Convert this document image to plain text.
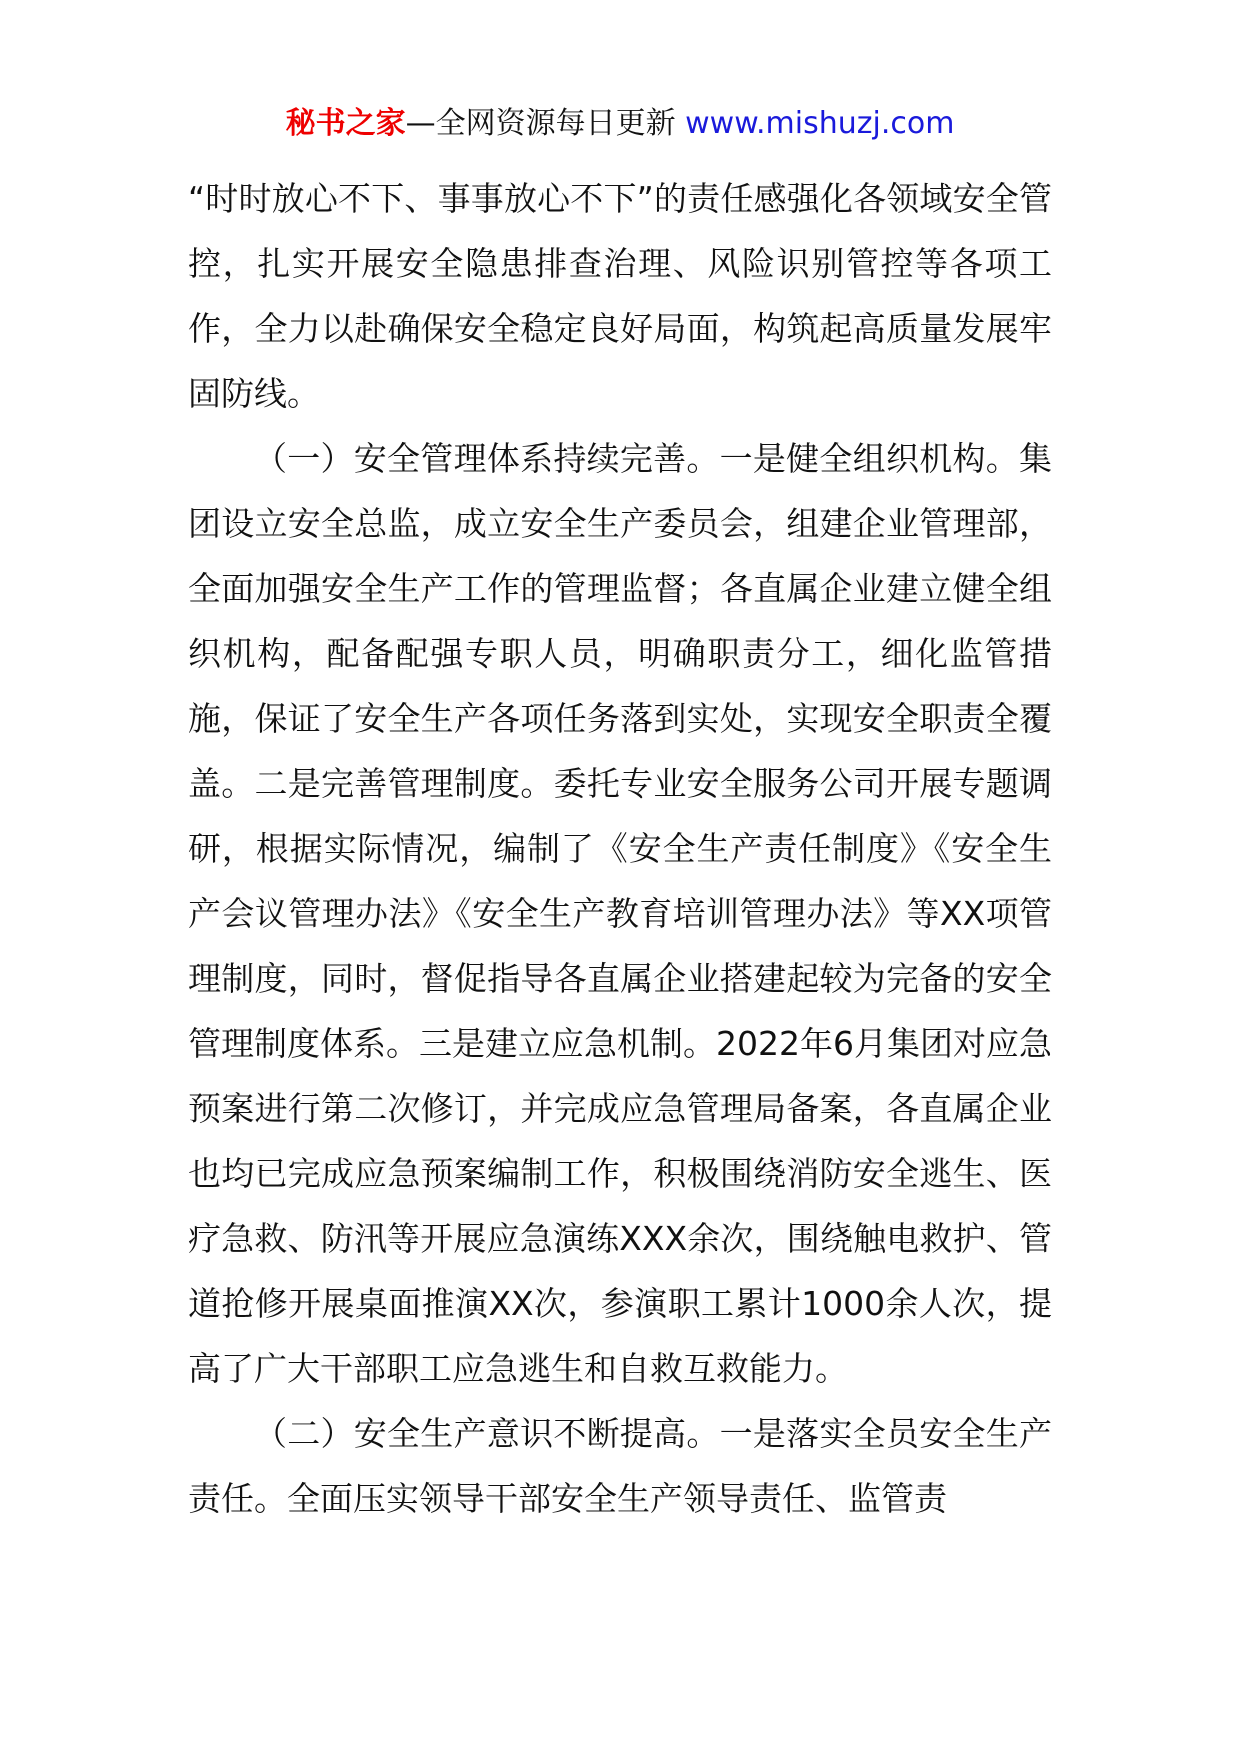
秘书之家—全网资源每日更新 www.mishuzj.com

“时时放心不下、事事放心不下”的责任感强化各领域安全管控，扎实开展安全隐患排查治理、风险识别管控等各项工作，全力以赴确保安全稳定良好局面，构筑起高质量发展牢固防线。

（一）安全管理体系持续完善。一是健全组织机构。集团设立安全总监，成立安全生产委员会，组建企业管理部，全面加强安全生产工作的管理监督；各直属企业建立健全组织机构，配备配强专职人员，明确职责分工，细化监管措施，保证了安全生产各项任务落到实处，实现安全职责全覆盖。二是完善管理制度。委托专业安全服务公司开展专题调研，根据实际情况，编制了《安全生产责任制度》《安全生产会议管理办法》《安全生产教育培训管理办法》等XX项管理制度，同时，督促指导各直属企业搭建起较为完备的安全管理制度体系。三是建立应急机制。2022年6月集团对应急预案进行第二次修订，并完成应急管理局备案，各直属企业也均已完成应急预案编制工作，积极围绕消防安全逃生、医疗急救、防汛等开展应急演练XXX余次，围绕触电救护、管道抢修开展桌面推演XX次，参演职工累计1000余人次，提高了广大干部职工应急逃生和自救互救能力。

（二）安全生产意识不断提高。一是落实全员安全生产责任。全面压实领导干部安全生产领导责任、监管责
